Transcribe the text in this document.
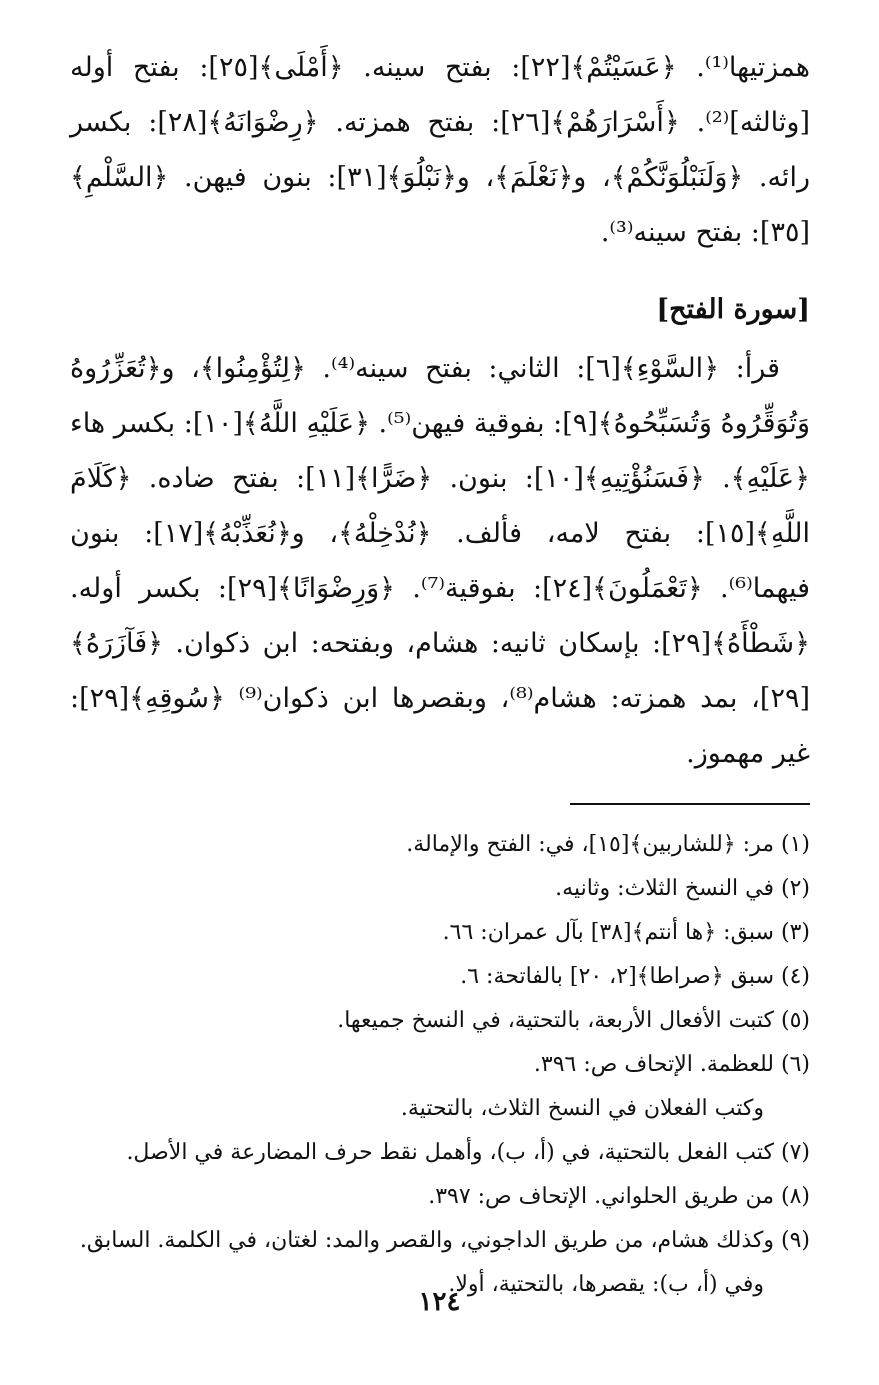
همزتيها⁽¹⁾. ﴿عَسَيْتُمْ﴾[٢٢]: بفتح سينه. ﴿أَمْلَى﴾[٢٥]: بفتح أوله [وثالثه]⁽²⁾. ﴿أَسْرَارَهُمْ﴾[٢٦]: بفتح همزته. ﴿رِضْوَانَهُ﴾[٢٨]: بكسر رائه. ﴿وَلَنَبْلُوَنَّكُمْ﴾، و﴿نَعْلَمَ﴾، و﴿نَبْلُوَ﴾[٣١]: بنون فيهن. ﴿السَّلْمِ﴾[٣٥]: بفتح سينه⁽³⁾.

[سورة الفتح]

قرأ: ﴿السَّوْءِ﴾[٦]: الثاني: بفتح سينه⁽⁴⁾. ﴿لِتُؤْمِنُوا﴾، و﴿تُعَزِّرُوهُ وَتُوَقِّرُوهُ وَتُسَبِّحُوهُ﴾[٩]: بفوقية فيهن⁽⁵⁾. ﴿عَلَيْهِ اللَّهُ﴾[١٠]: بكسر هاء ﴿عَلَيْهِ﴾. ﴿فَسَنُؤْتِيهِ﴾[١٠]: بنون. ﴿ضَرًّا﴾[١١]: بفتح ضاده. ﴿كَلَامَ اللَّهِ﴾[١٥]: بفتح لامه، فألف. ﴿نُدْخِلْهُ﴾، و﴿نُعَذِّبْهُ﴾[١٧]: بنون فيهما⁽⁶⁾. ﴿تَعْمَلُونَ﴾[٢٤]: بفوقية⁽⁷⁾. ﴿وَرِضْوَانًا﴾[٢٩]: بكسر أوله. ﴿شَطْأَهُ﴾[٢٩]: بإسكان ثانيه: هشام، وبفتحه: ابن ذكوان. ﴿فَآزَرَهُ﴾[٢٩]، بمد همزته: هشام⁽⁸⁾، وبقصرها ابن ذكوان⁽⁹⁾ ﴿سُوقِهِ﴾[٢٩]: غير مهموز.

(١) مر: ﴿للشاربين﴾[١٥]، في: الفتح والإمالة.

(٢) في النسخ الثلاث: وثانيه.

(٣) سبق: ﴿ها أنتم﴾[٣٨] بآل عمران: ٦٦.

(٤) سبق ﴿صراطا﴾[٢، ٢٠] بالفاتحة: ٦.

(٥) كتبت الأفعال الأربعة، بالتحتية، في النسخ جميعها.

(٦) للعظمة. الإتحاف ص: ٣٩٦.

وكتب الفعلان في النسخ الثلاث، بالتحتية.

(٧) كتب الفعل بالتحتية، في (أ، ب)، وأهمل نقط حرف المضارعة في الأصل.

(٨) من طريق الحلواني. الإتحاف ص: ٣٩٧.

(٩) وكذلك هشام، من طريق الداجوني، والقصر والمد: لغتان، في الكلمة. السابق.

وفي (أ، ب): يقصرها، بالتحتية، أولا.

١٢٤
